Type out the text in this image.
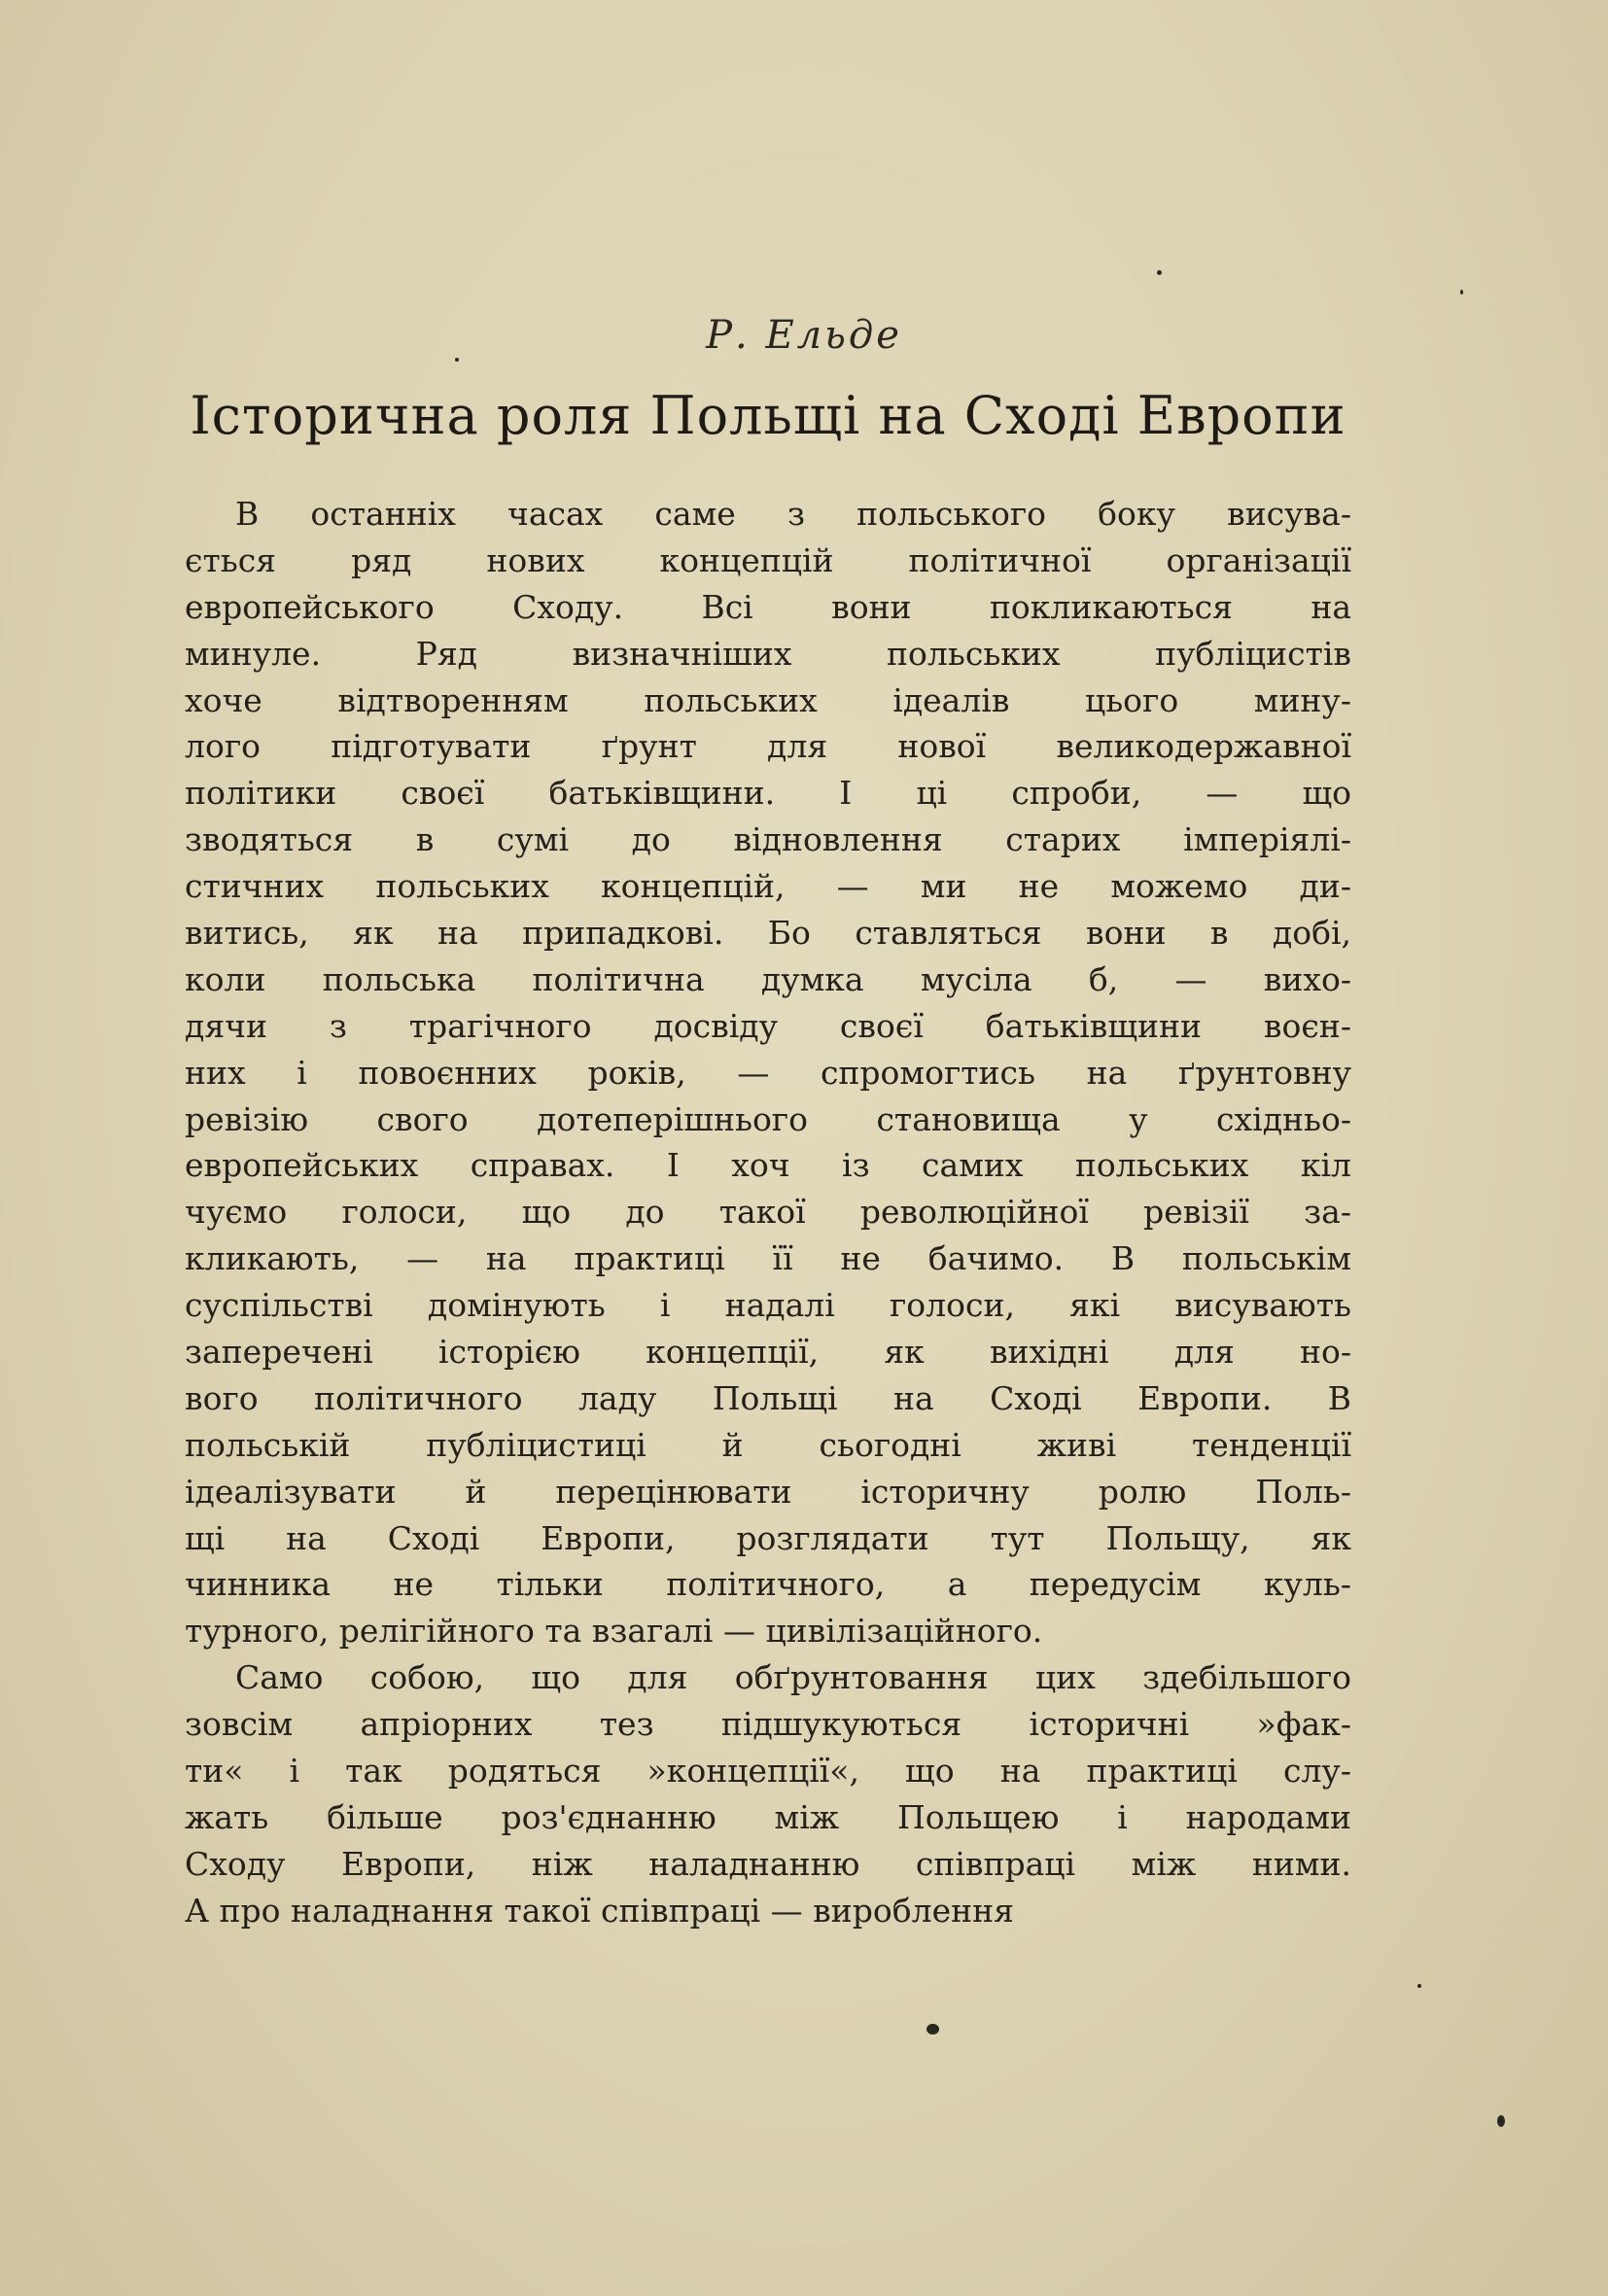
Р. Ельде
Історична роля Польщі на Сході Европи
В останніх часах саме з польського боку висува-
ється ряд нових концепцій політичної організації
европейського Сходу. Всі вони покликаються на
минуле. Ряд визначніших польських публіцистів
хоче відтворенням польських ідеалів цього мину-
лого підготувати ґрунт для нової великодержавної
політики своєї батьківщини. І ці спроби, — що
зводяться в сумі до відновлення старих імперіялі-
стичних польських концепцій, — ми не можемо ди-
витись, як на припадкові. Бо ставляться вони в добі,
коли польська політична думка мусіла б, — вихо-
дячи з трагічного досвіду своєї батьківщини воєн-
них і повоєнних років, — спромогтись на ґрунтовну
ревізію свого дотеперішнього становища у східньо-
европейських справах. І хоч із самих польських кіл
чуємо голоси, що до такої революційної ревізії за-
кликають, — на практиці її не бачимо. В польськім
суспільстві домінують і надалі голоси, які висувають
заперечені історією концепції, як вихідні для но-
вого політичного ладу Польщі на Сході Европи. В
польській публіцистиці й сьогодні живі тенденції
ідеалізувати й перецінювати історичну ролю Поль-
щі на Сході Европи, розглядати тут Польщу, як
чинника не тільки політичного, а передусім куль-
турного, релігійного та взагалі — цивілізаційного.
Само собою, що для обґрунтовання цих здебільшого
зовсім апріорних тез підшукуються історичні »фак-
ти« і так родяться »концепції«, що на практиці слу-
жать більше роз'єднанню між Польщею і народами
Сходу Европи, ніж наладнанню співпраці між ними.
А про наладнання такої співпраці — вироблення
